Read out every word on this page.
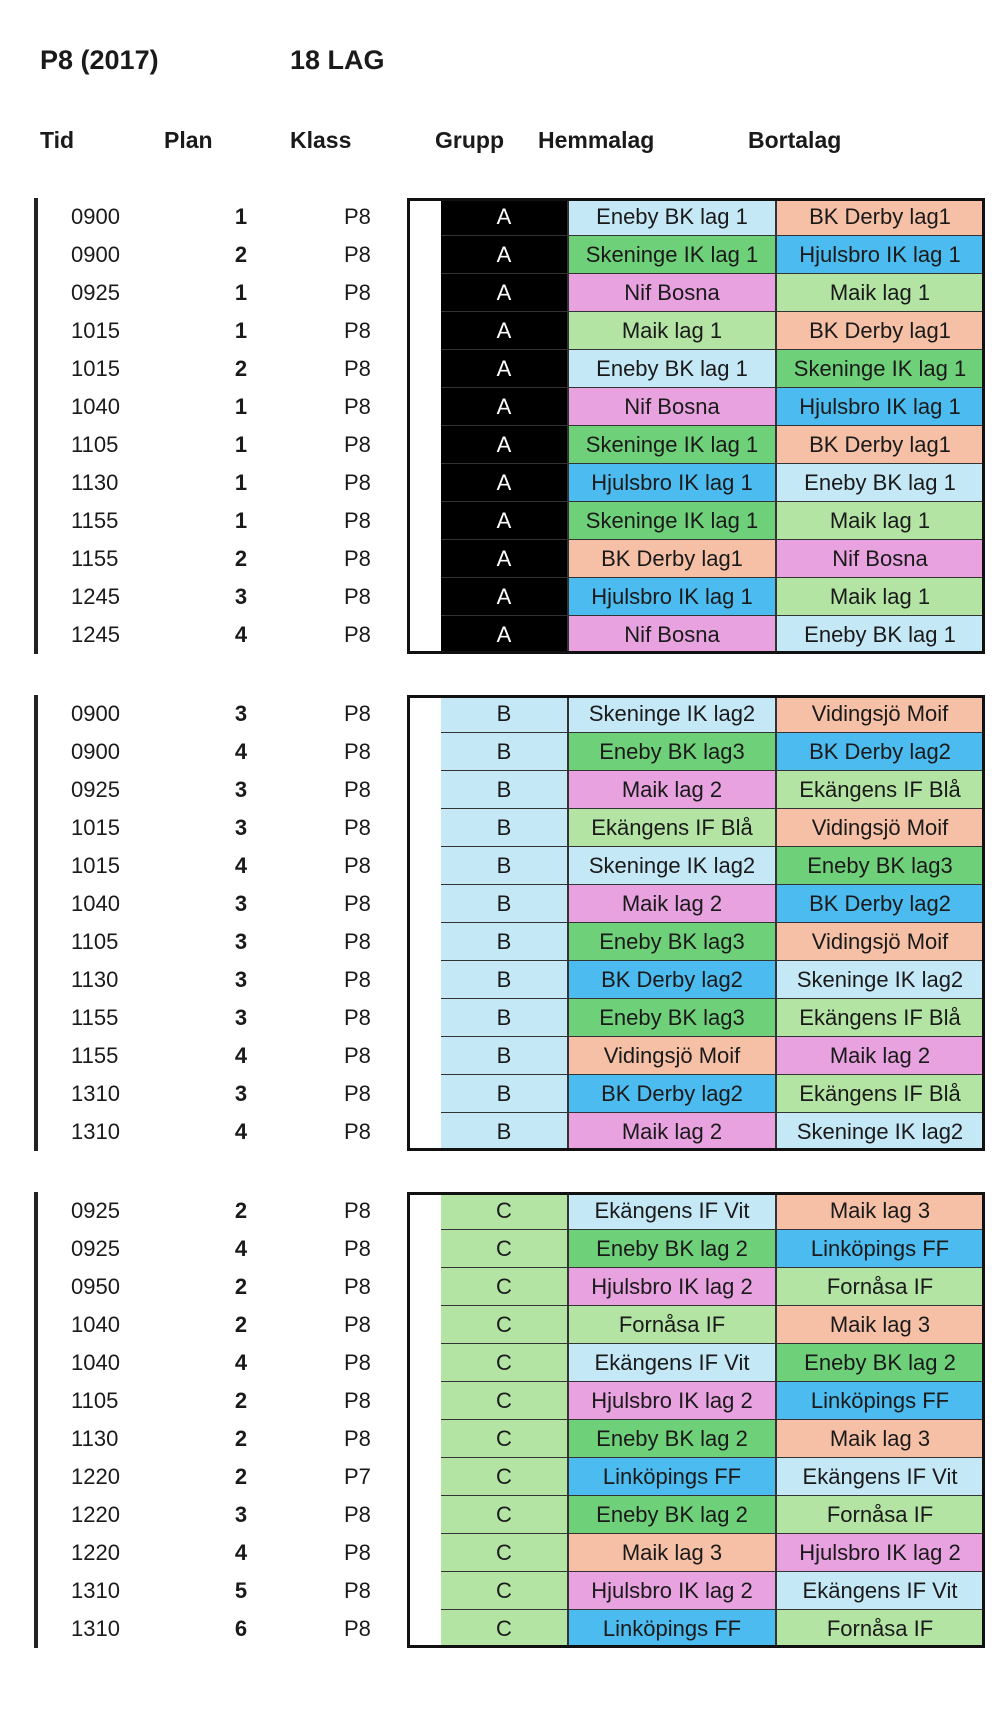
P8 (2017)	18 LAG
Tid	Plan	Klass	Grupp Hemmalag	Bortalag
0900	1	P8	A	Eneby BK lag 1	BK Derby lag1
0900	2	P8	A	Skeninge IK lag 1	Hjulsbro IK lag 1
0925	1	P8	A	Nif Bosna	Maik lag 1
1015	1	P8	A	Maik lag 1	BK Derby lag1
1015	2	P8	A	Eneby BK lag 1	Skeninge IK lag 1
1040	1	P8	A	Nif Bosna	Hjulsbro IK lag 1
1105	1	P8	A	Skeninge IK lag 1	BK Derby lag1
1130	1	P8	A	Hjulsbro IK lag 1	Eneby BK lag 1
1155	1	P8	A	Skeninge IK lag 1	Maik lag 1
1155	2	P8	A	BK Derby lag1	Nif Bosna
1245	3	P8	A	Hjulsbro IK lag 1	Maik lag 1
1245	4	P8	A	Nif Bosna	Eneby BK lag 1
0900	3	P8	B	Skeninge IK lag2	Vidingsjö Moif
0900	4	P8	B	Eneby BK lag3	BK Derby lag2
0925	3	P8	B	Maik lag 2	Ekängens IF Blå
1015	3	P8	B	Ekängens IF Blå	Vidingsjö Moif
1015	4	P8	B	Skeninge IK lag2	Eneby BK lag3
1040	3	P8	B	Maik lag 2	BK Derby lag2
1105	3	P8	B	Eneby BK lag3	Vidingsjö Moif
1130	3	P8	B	BK Derby lag2	Skeninge IK lag2
1155	3	P8	B	Eneby BK lag3	Ekängens IF Blå
1155	4	P8	B	Vidingsjö Moif	Maik lag 2
1310	3	P8	B	BK Derby lag2	Ekängens IF Blå
1310	4	P8	B	Maik lag 2	Skeninge IK lag2
0925	2	P8	C	Ekängens IF Vit	Maik lag 3
0925	4	P8	C	Eneby BK lag 2	Linköpings FF
0950	2	P8	C	Hjulsbro IK lag 2	Fornåsa IF
1040	2	P8	C	Fornåsa IF	Maik lag 3
1040	4	P8	C	Ekängens IF Vit	Eneby BK lag 2
1105	2	P8	C	Hjulsbro IK lag 2	Linköpings FF
1130	2	P8	C	Eneby BK lag 2	Maik lag 3
1220	2	P7	C	Linköpings FF	Ekängens IF Vit
1220	3	P8	C	Eneby BK lag 2	Fornåsa IF
1220	4	P8	C	Maik lag 3	Hjulsbro IK lag 2
1310	5	P8	C	Hjulsbro IK lag 2	Ekängens IF Vit
1310	6	P8	C	Linköpings FF	Fornåsa IF
